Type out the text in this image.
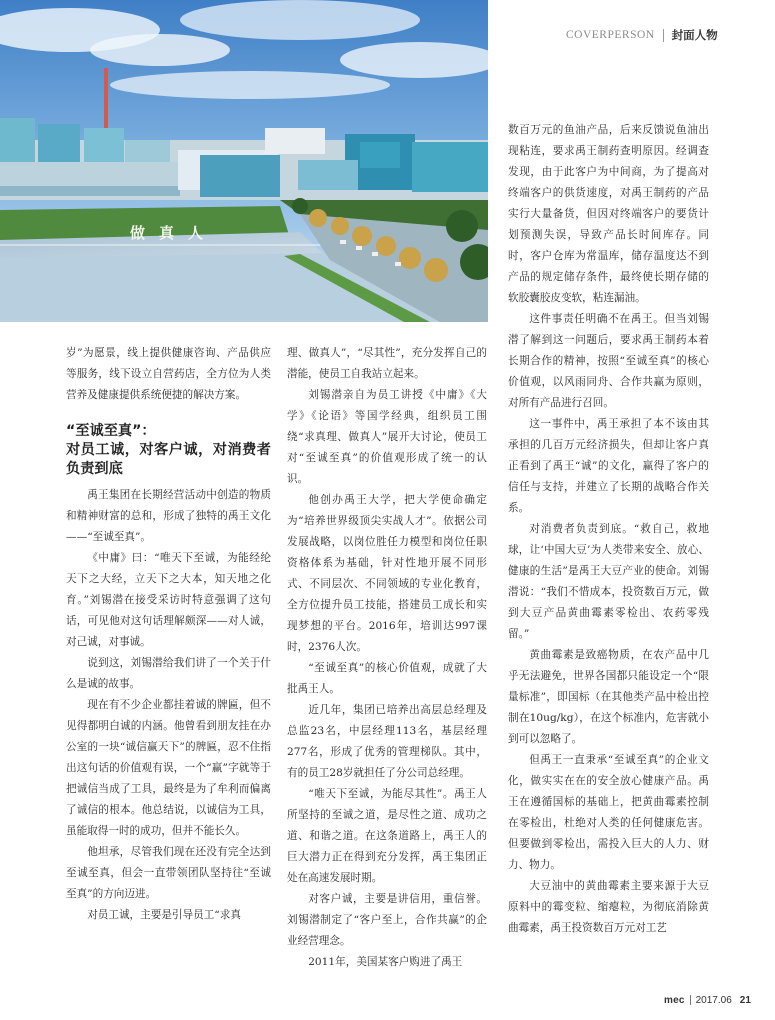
COVERPERSON 封面人物
做真人

岁”为愿景，线上提供健康咨询、产品供应等服务，线下设立自营药店，全方位为人类营养及健康提供系统便捷的解决方案。

“至诚至真”：
对员工诚，对客户诚，对消费者负责到底

禹王集团在长期经营活动中创造的物质和精神财富的总和，形成了独特的禹王文化——“至诚至真”。

《中庸》曰：“唯天下至诚，为能经纶天下之大经，立天下之大本，知天地之化育。”刘锡潜在接受采访时特意强调了这句话，可见他对这句话理解颇深——对人诚，对己诚，对事诚。

说到这，刘锡潜给我们讲了一个关于什么是诚的故事。

现在有不少企业都挂着诚的牌匾，但不见得都明白诚的内涵。他曾看到朋友挂在办公室的一块“诚信赢天下”的牌匾，忍不住指出这句话的价值观有误，一个“赢”字就等于把诚信当成了工具，最终是为了牟利而偏离了诚信的根本。他总结说，以诚信为工具，虽能取得一时的成功，但并不能长久。

他坦承，尽管我们现在还没有完全达到至诚至真，但会一直带领团队坚持往“至诚至真”的方向迈进。

对员工诚，主要是引导员工“求真

理、做真人”，“尽其性”，充分发挥自己的潜能，使员工自我站立起来。

刘锡潜亲自为员工讲授《中庸》《大学》《论语》等国学经典，组织员工围绕“求真理、做真人”展开大讨论，使员工对“至诚至真”的价值观形成了统一的认识。

他创办禹王大学，把大学使命确定为“培养世界级顶尖实战人才”。依据公司发展战略，以岗位胜任力模型和岗位任职资格体系为基础，针对性地开展不同形式、不同层次、不同领域的专业化教育，全方位提升员工技能，搭建员工成长和实现梦想的平台。2016年，培训达997课时，2376人次。

“至诚至真”的核心价值观，成就了大批禹王人。

近几年，集团已培养出高层总经理及总监23名，中层经理113名，基层经理277名，形成了优秀的管理梯队。其中，有的员工28岁就担任了分公司总经理。

“唯天下至诚，为能尽其性”。禹王人所坚持的至诚之道，是尽性之道、成功之道、和谐之道。在这条道路上，禹王人的巨大潜力正在得到充分发挥，禹王集团正处在高速发展时期。

对客户诚，主要是讲信用，重信誉。刘锡潜制定了“客户至上，合作共赢”的企业经营理念。

2011年，美国某客户购进了禹王

数百万元的鱼油产品，后来反馈说鱼油出现粘连，要求禹王制药查明原因。经调查发现，由于此客户为中间商，为了提高对终端客户的供货速度，对禹王制药的产品实行大量备货，但因对终端客户的要货计划预测失误，导致产品长时间库存。同时，客户仓库为常温库，储存温度达不到产品的规定储存条件，最终使长期存储的软胶囊胶皮变软，粘连漏油。

这件事责任明确不在禹王。但当刘锡潜了解到这一问题后，要求禹王制药本着长期合作的精神，按照“至诚至真”的核心价值观，以风雨同舟、合作共赢为原则，对所有产品进行召回。

这一事件中，禹王承担了本不该由其承担的几百万元经济损失，但却让客户真正看到了禹王“诚”的文化，赢得了客户的信任与支持，并建立了长期的战略合作关系。

对消费者负责到底。“救自己，救地球，让‘中国大豆’为人类带来安全、放心、健康的生活”是禹王大豆产业的使命。刘锡潜说：“我们不惜成本，投资数百万元，做到大豆产品黄曲霉素零检出、农药零残留。”

黄曲霉素是致癌物质，在农产品中几乎无法避免，世界各国都只能设定一个“限量标准”，即国标（在其他类产品中检出控制在10ug/kg），在这个标准内，危害就小到可以忽略了。

但禹王一直秉承“至诚至真”的企业文化，做实实在在的安全放心健康产品。禹王在遵循国标的基础上，把黄曲霉素控制在零检出，杜绝对人类的任何健康危害。但要做到零检出，需投入巨大的人力、财力、物力。

大豆油中的黄曲霉素主要来源于大豆原料中的霉变粒、缩瘪粒，为彻底消除黄曲霉素，禹王投资数百万元对工艺

mec 2017.06 21
